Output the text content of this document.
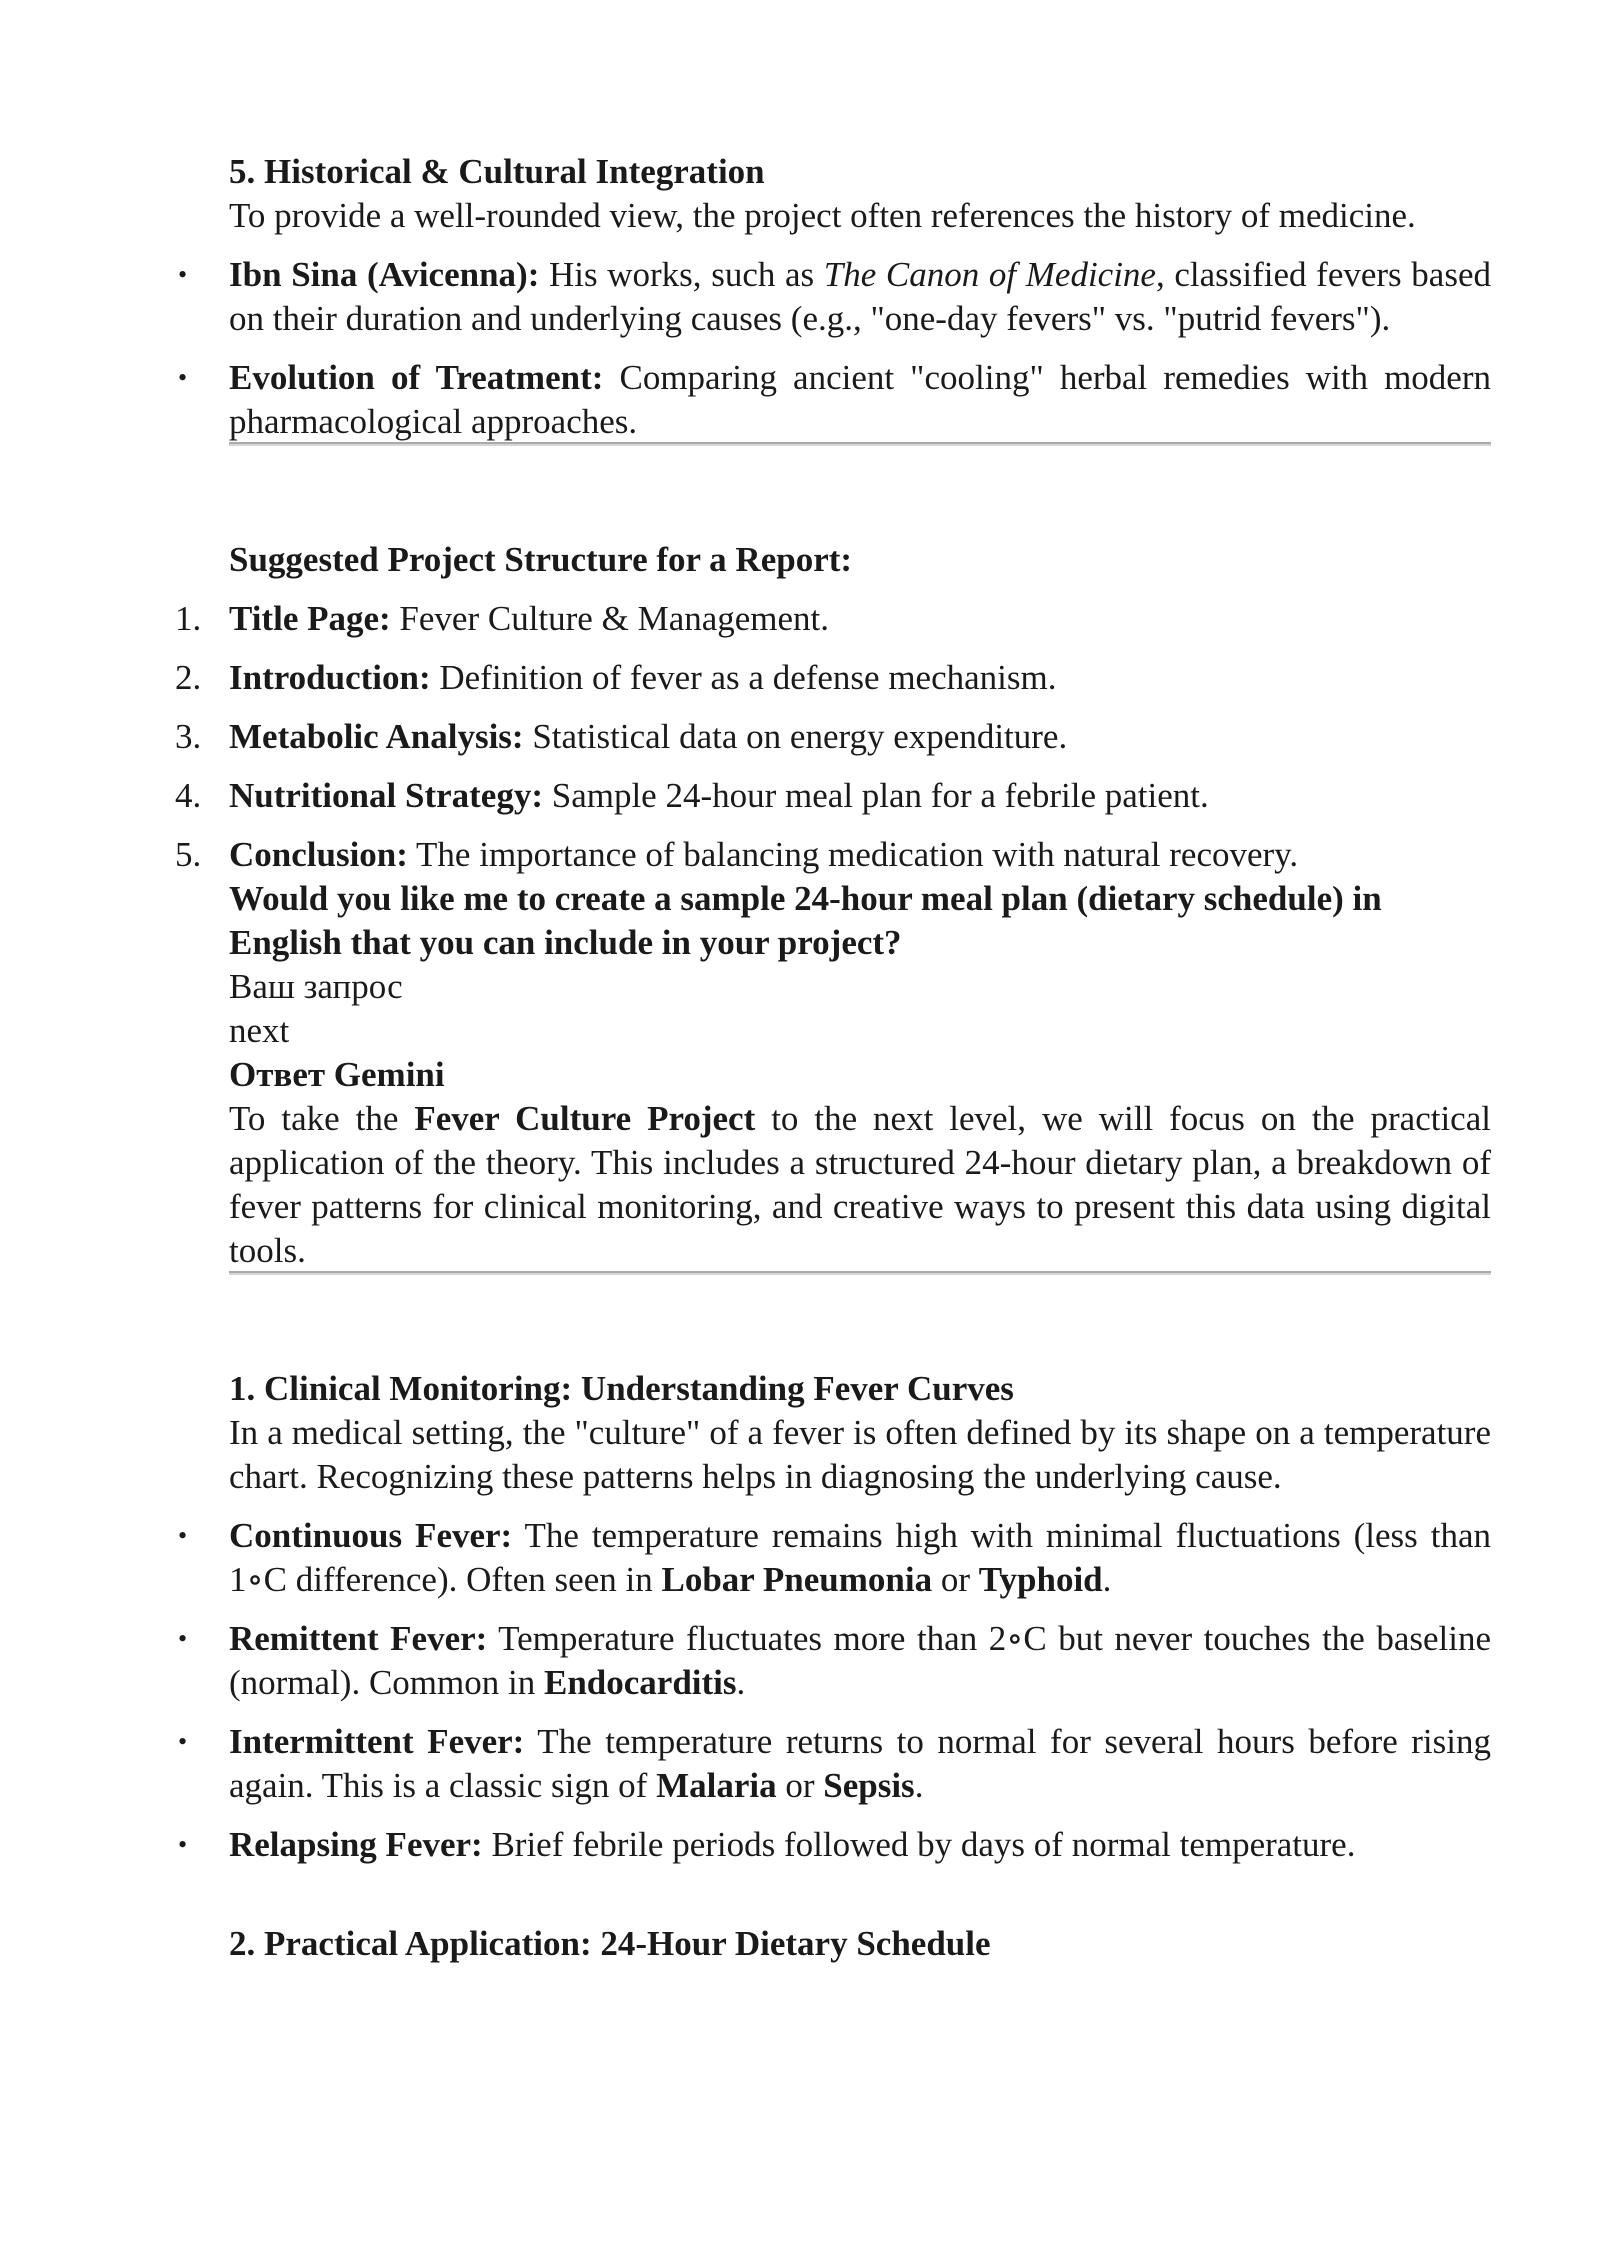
5. Historical & Cultural Integration

To provide a well-rounded view, the project often references the history of medicine.

•	Ibn Sina (Avicenna): His works, such as The Canon of Medicine, classified fevers based on their duration and underlying causes (e.g., "one-day fevers" vs. "putrid fevers").
•	Evolution of Treatment: Comparing ancient "cooling" herbal remedies with modern pharmacological approaches.

Suggested Project Structure for a Report:

1. Title Page: Fever Culture & Management.
2. Introduction: Definition of fever as a defense mechanism.
3. Metabolic Analysis: Statistical data on energy expenditure.
4. Nutritional Strategy: Sample 24-hour meal plan for a febrile patient.
5. Conclusion: The importance of balancing medication with natural recovery.

Would you like me to create a sample 24-hour meal plan (dietary schedule) in English that you can include in your project?

Ваш запрос

next

Ответ Gemini

To take the Fever Culture Project to the next level, we will focus on the practical application of the theory. This includes a structured 24-hour dietary plan, a breakdown of fever patterns for clinical monitoring, and creative ways to present this data using digital tools.

1. Clinical Monitoring: Understanding Fever Curves

In a medical setting, the "culture" of a fever is often defined by its shape on a temperature chart. Recognizing these patterns helps in diagnosing the underlying cause.

•	Continuous Fever: The temperature remains high with minimal fluctuations (less than 1∘C difference). Often seen in Lobar Pneumonia or Typhoid.
•	Remittent Fever: Temperature fluctuates more than 2∘C but never touches the baseline (normal). Common in Endocarditis.
•	Intermittent Fever: The temperature returns to normal for several hours before rising again. This is a classic sign of Malaria or Sepsis.
•	Relapsing Fever: Brief febrile periods followed by days of normal temperature.

2. Practical Application: 24-Hour Dietary Schedule
